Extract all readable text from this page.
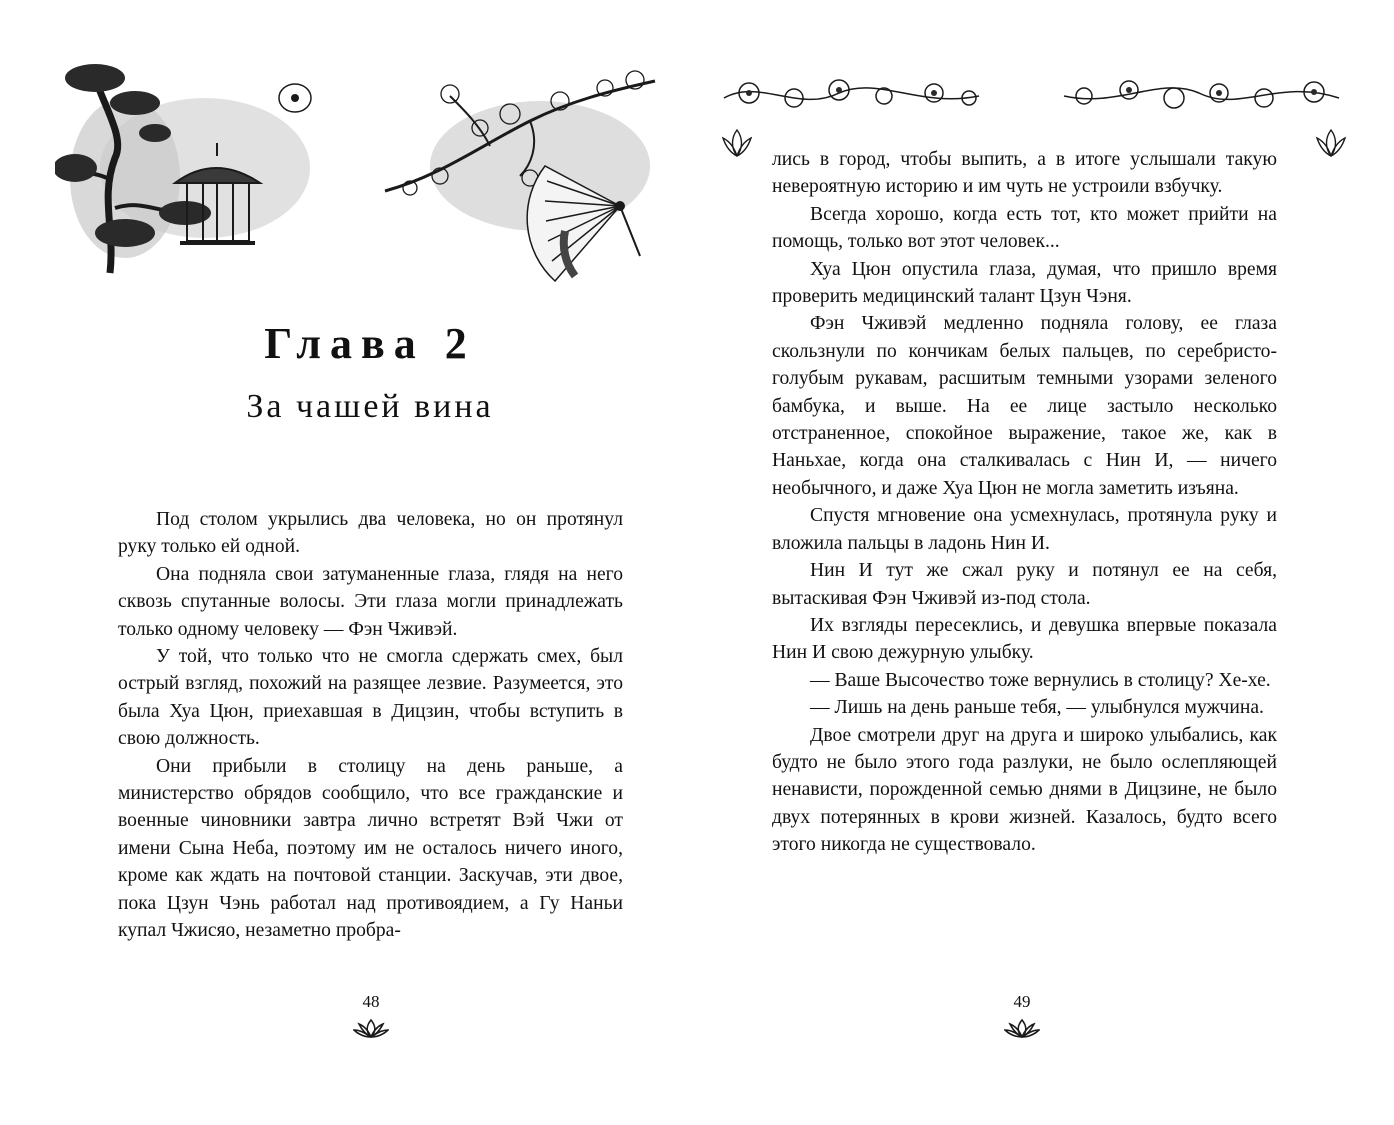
Глава 2
За чашей вина

Под столом укрылись два человека, но он протянул руку только ей одной.

Она подняла свои затуманенные глаза, глядя на него сквозь спутанные волосы. Эти глаза могли принадлежать только одному человеку — Фэн Чживэй.

У той, что только что не смогла сдержать смех, был острый взгляд, похожий на разящее лезвие. Разумеется, это была Хуа Цюн, приехавшая в Дицзин, чтобы вступить в свою должность.

Они прибыли в столицу на день раньше, а министерство обрядов сообщило, что все гражданские и военные чиновники завтра лично встретят Вэй Чжи от имени Сына Неба, поэтому им не осталось ничего иного, кроме как ждать на почтовой станции. Заскучав, эти двое, пока Цзун Чэнь работал над противоядием, а Гу Наньи купал Чжисяо, незаметно пробра-

48

лись в город, чтобы выпить, а в итоге услышали такую невероятную историю и им чуть не устроили взбучку.

Всегда хорошо, когда есть тот, кто может прийти на помощь, только вот этот человек...

Хуа Цюн опустила глаза, думая, что пришло время проверить медицинский талант Цзун Чэня.

Фэн Чживэй медленно подняла голову, ее глаза скользнули по кончикам белых пальцев, по серебристо-голубым рукавам, расшитым темными узорами зеленого бамбука, и выше. На ее лице застыло несколько отстраненное, спокойное выражение, такое же, как в Наньхае, когда она сталкивалась с Нин И, — ничего необычного, и даже Хуа Цюн не могла заметить изъяна.

Спустя мгновение она усмехнулась, протянула руку и вложила пальцы в ладонь Нин И.

Нин И тут же сжал руку и потянул ее на себя, вытаскивая Фэн Чживэй из-под стола.

Их взгляды пересеклись, и девушка впервые показала Нин И свою дежурную улыбку.

— Ваше Высочество тоже вернулись в столицу? Хе-хе.

— Лишь на день раньше тебя, — улыбнулся мужчина.

Двое смотрели друг на друга и широко улыбались, как будто не было этого года разлуки, не было ослепляющей ненависти, порожденной семью днями в Дицзине, не было двух потерянных в крови жизней. Казалось, будто всего этого никогда не существовало.

49
